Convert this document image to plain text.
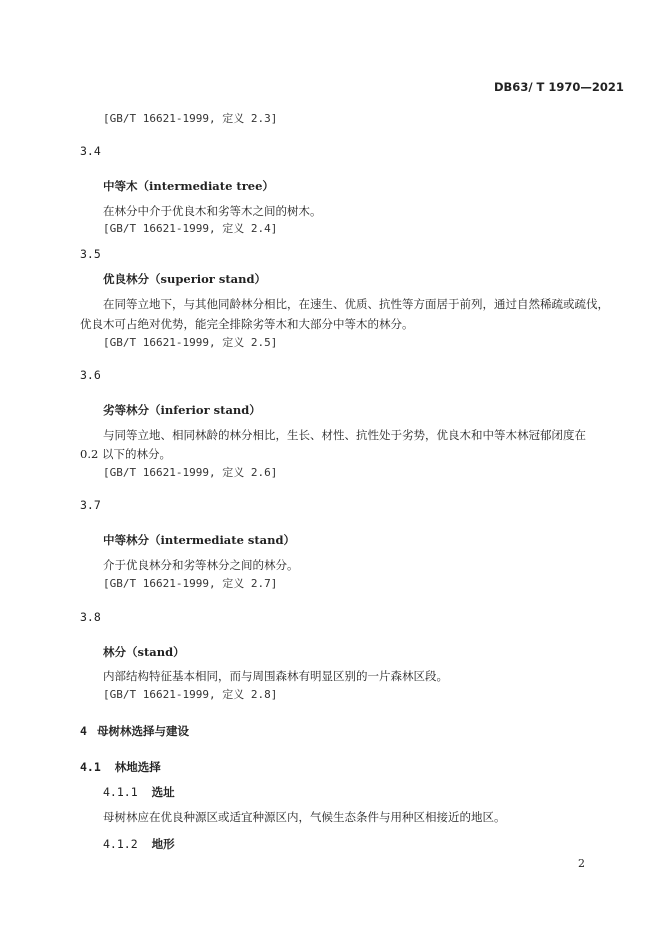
DB63/ T 1970—2021
[GB/T 16621-1999, 定义 2.3]
3.4
中等木（intermediate tree）
在林分中介于优良木和劣等木之间的树木。
[GB/T 16621-1999, 定义 2.4]
3.5
优良林分（superior stand）
在同等立地下，与其他同龄林分相比，在速生、优质、抗性等方面居于前列，通过自然稀疏或疏伐，
优良木可占绝对优势，能完全排除劣等木和大部分中等木的林分。
[GB/T 16621-1999, 定义 2.5]
3.6
劣等林分（inferior stand）
与同等立地、相同林龄的林分相比，生长、材性、抗性处于劣势，优良木和中等木林冠郁闭度在
0.2 以下的林分。
[GB/T 16621-1999, 定义 2.6]
3.7
中等林分（intermediate stand）
介于优良林分和劣等林分之间的林分。
[GB/T 16621-1999, 定义 2.7]
3.8
林分（stand）
内部结构特征基本相同，而与周围森林有明显区别的一片森林区段。
[GB/T 16621-1999, 定义 2.8]
4 母树林选择与建设
4.1 林地选择
4.1.1 选址
母树林应在优良种源区或适宜种源区内，气候生态条件与用种区相接近的地区。
4.1.2 地形
2
